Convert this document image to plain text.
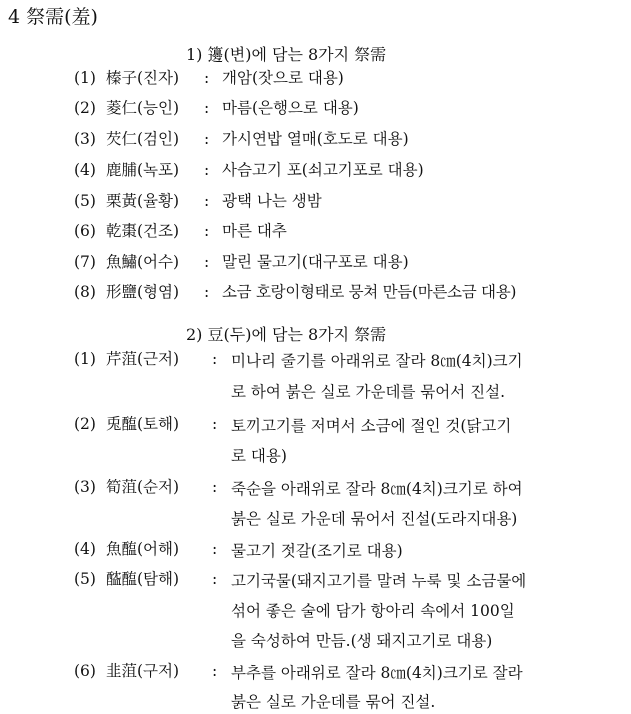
4 祭需(羞)
1) 籩(변)에 담는 8가지 祭需
(1) 榛子(진자) : 개암(잣으로 대용)
(2) 菱仁(능인) : 마름(은행으로 대용)
(3) 芡仁(검인) : 가시연밥 열매(호도로 대용)
(4) 鹿脯(녹포) : 사슴고기 포(쇠고기포로 대용)
(5) 栗黃(율황) : 광택 나는 생밤
(6) 乾棗(건조) : 마른 대추
(7) 魚鱐(어수) : 말린 물고기(대구포로 대용)
(8) 形鹽(형염) : 소금 호랑이형태로 뭉쳐 만듬(마른소금 대용)
2) 豆(두)에 담는 8가지 祭需
(1) 芹菹(근저) : 미나리 줄기를 아래위로 잘라 8㎝(4치)크기
로 하여 붉은 실로 가운데를 묶어서 진설.
(2) 兎醢(토해) : 토끼고기를 저며서 소금에 절인 것(닭고기
로 대용)
(3) 筍菹(순저) : 죽순을 아래위로 잘라 8㎝(4치)크기로 하여
붉은 실로 가운데 묶어서 진설(도라지대용)
(4) 魚醢(어해) : 물고기 젓갈(조기로 대용)
(5) 醓醢(탐해) : 고기국물(돼지고기를 말려 누룩 및 소금물에
섞어 좋은 술에 담가 항아리 속에서 100일
을 숙성하여 만듬.(생 돼지고기로 대용)
(6) 韭菹(구저) : 부추를 아래위로 잘라 8㎝(4치)크기로 잘라
붉은 실로 가운데를 묶어 진설.
